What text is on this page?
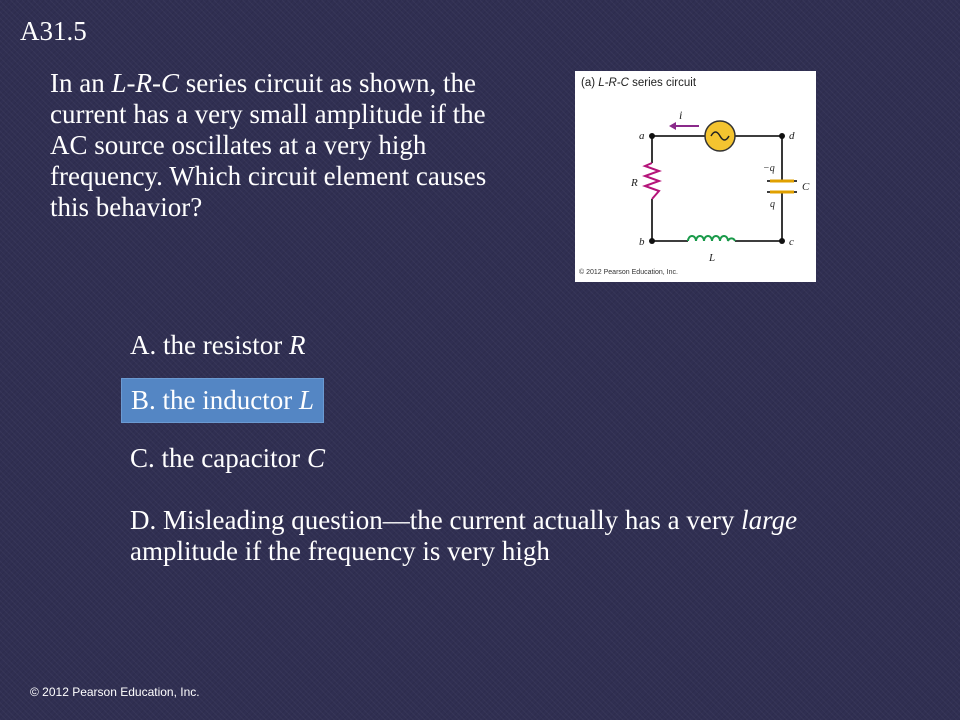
A31.5
In an L-R-C series circuit as shown, the current has a very small amplitude if the AC source oscillates at a very high frequency. Which circuit element causes this behavior?
(a) L-R-C series circuit
i
R
L
C
−q
q
a	d
b	c
© 2012 Pearson Education, Inc.
A. the resistor R
B. the inductor L
C. the capacitor C
D. Misleading question—the current actually has a very large amplitude if the frequency is very high
© 2012 Pearson Education, Inc.
